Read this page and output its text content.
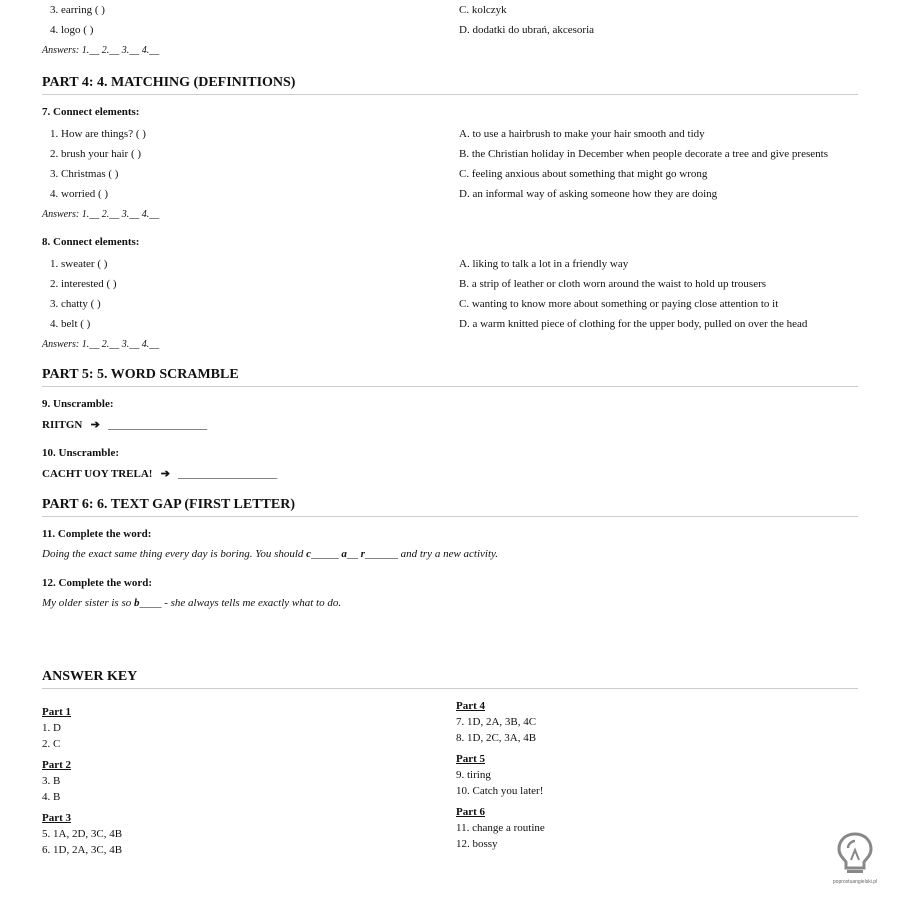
3. earring ( )	C. kolczyk
4. logo ( )	D. dodatki do ubrań, akcesoria
Answers: 1.__ 2.__ 3.__ 4.__
PART 4: 4. MATCHING (DEFINITIONS)
7. Connect elements:
1. How are things? ( )	A. to use a hairbrush to make your hair smooth and tidy
2. brush your hair ( )	B. the Christian holiday in December when people decorate a tree and give presents
3. Christmas ( )	C. feeling anxious about something that might go wrong
4. worried ( )	D. an informal way of asking someone how they are doing
Answers: 1.__ 2.__ 3.__ 4.__
8. Connect elements:
1. sweater ( )	A. liking to talk a lot in a friendly way
2. interested ( )	B. a strip of leather or cloth worn around the waist to hold up trousers
3. chatty ( )	C. wanting to know more about something or paying close attention to it
4. belt ( )	D. a warm knitted piece of clothing for the upper body, pulled on over the head
Answers: 1.__ 2.__ 3.__ 4.__
PART 5: 5. WORD SCRAMBLE
9. Unscramble:
RIITGN ➔ __________________
10. Unscramble:
CACHT UOY TRELA! ➔ __________________
PART 6: 6. TEXT GAP (FIRST LETTER)
11. Complete the word:
Doing the exact same thing every day is boring. You should c_____ a__ r______ and try a new activity.
12. Complete the word:
My older sister is so b____ - she always tells me exactly what to do.
ANSWER KEY

Part 1

1. D
2. C

Part 2

3. B
4. B

Part 3

5. 1A, 2D, 3C, 4B
6. 1D, 2A, 3C, 4B

Part 4

7. 1D, 2A, 3B, 4C
8. 1D, 2C, 3A, 4B

Part 5

9. tiring
10. Catch you later!

Part 6

11. change a routine
12. bossy
poprostuangielski.pl
